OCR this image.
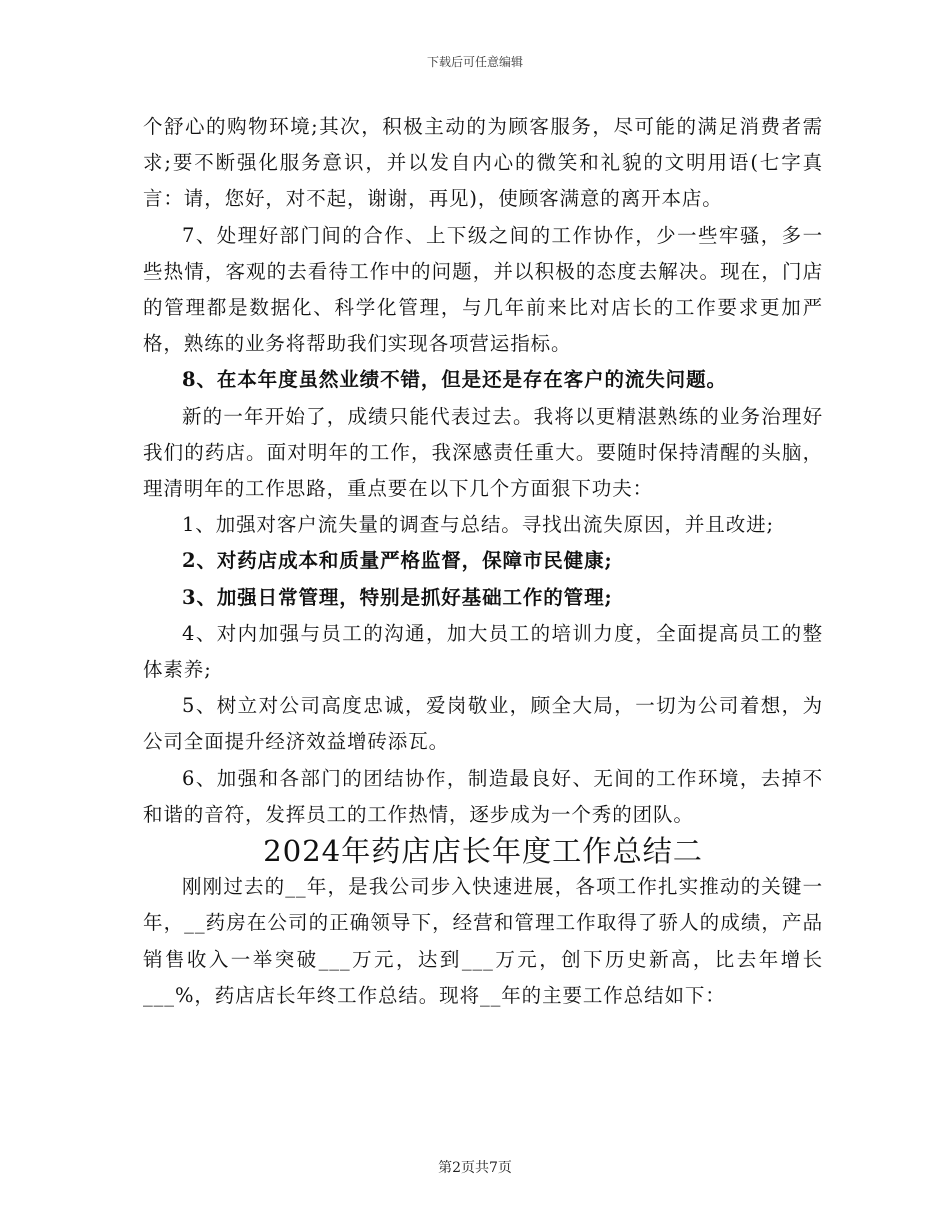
下载后可任意编辑

个舒心的购物环境;其次，积极主动的为顾客服务，尽可能的满足消费者需求;要不断强化服务意识，并以发自内心的微笑和礼貌的文明用语(七字真言：请，您好，对不起，谢谢，再见)，使顾客满意的离开本店。

7、处理好部门间的合作、上下级之间的工作协作，少一些牢骚，多一些热情，客观的去看待工作中的问题，并以积极的态度去解决。现在，门店的管理都是数据化、科学化管理，与几年前来比对店长的工作要求更加严格，熟练的业务将帮助我们实现各项营运指标。

8、在本年度虽然业绩不错，但是还是存在客户的流失问题。

新的一年开始了，成绩只能代表过去。我将以更精湛熟练的业务治理好我们的药店。面对明年的工作，我深感责任重大。要随时保持清醒的头脑，理清明年的工作思路，重点要在以下几个方面狠下功夫：

1、加强对客户流失量的调查与总结。寻找出流失原因，并且改进;

2、对药店成本和质量严格监督，保障市民健康;

3、加强日常管理，特别是抓好基础工作的管理;

4、对内加强与员工的沟通，加大员工的培训力度，全面提高员工的整体素养;

5、树立对公司高度忠诚，爱岗敬业，顾全大局，一切为公司着想，为公司全面提升经济效益增砖添瓦。

6、加强和各部门的团结协作，制造最良好、无间的工作环境，去掉不和谐的音符，发挥员工的工作热情，逐步成为一个秀的团队。

2024年药店店长年度工作总结二

刚刚过去的__年，是我公司步入快速进展，各项工作扎实推动的关键一年，__药房在公司的正确领导下，经营和管理工作取得了骄人的成绩，产品销售收入一举突破___万元，达到___万元，创下历史新高，比去年增长___%，药店店长年终工作总结。现将__年的主要工作总结如下：

第2页共7页
